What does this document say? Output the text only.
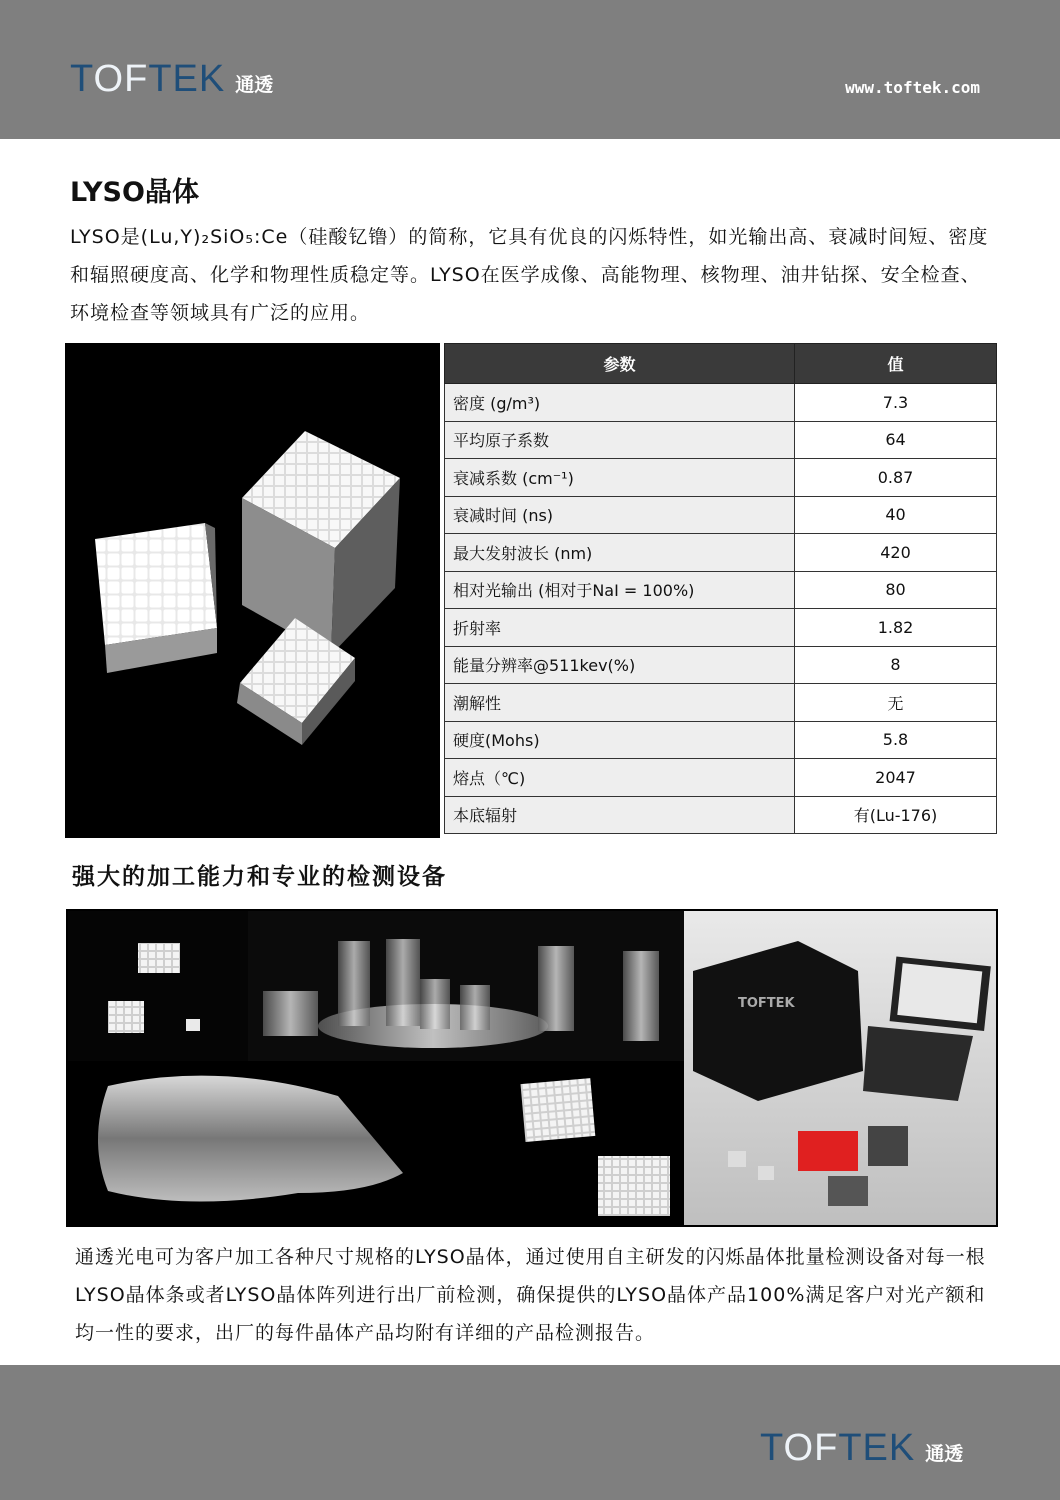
TOFTEK 通透	www.toftek.com
LYSO晶体

LYSO是(Lu,Y)₂SiO₅:Ce（硅酸钇镥）的简称，它具有优良的闪烁特性，如光输出高、衰减时间短、密度和辐照硬度高、化学和物理性质稳定等。LYSO在医学成像、高能物理、核物理、油井钻探、安全检查、环境检查等领域具有广泛的应用。

参数	值
密度 (g/m³)	7.3
平均原子系数	64
衰减系数 (cm⁻¹)	0.87
衰减时间 (ns)	40
最大发射波长 (nm)	420
相对光输出 (相对于NaI = 100%)	80
折射率	1.82
能量分辨率@511kev(%)	8
潮解性	无
硬度(Mohs)	5.8
熔点（℃)	2047
本底辐射	有(Lu-176)
强大的加工能力和专业的检测设备
TOFTEK

通透光电可为客户加工各种尺寸规格的LYSO晶体，通过使用自主研发的闪烁晶体批量检测设备对每一根LYSO晶体条或者LYSO晶体阵列进行出厂前检测，确保提供的LYSO晶体产品100%满足客户对光产额和均一性的要求，出厂的每件晶体产品均附有详细的产品检测报告。

TOFTEK 通透
